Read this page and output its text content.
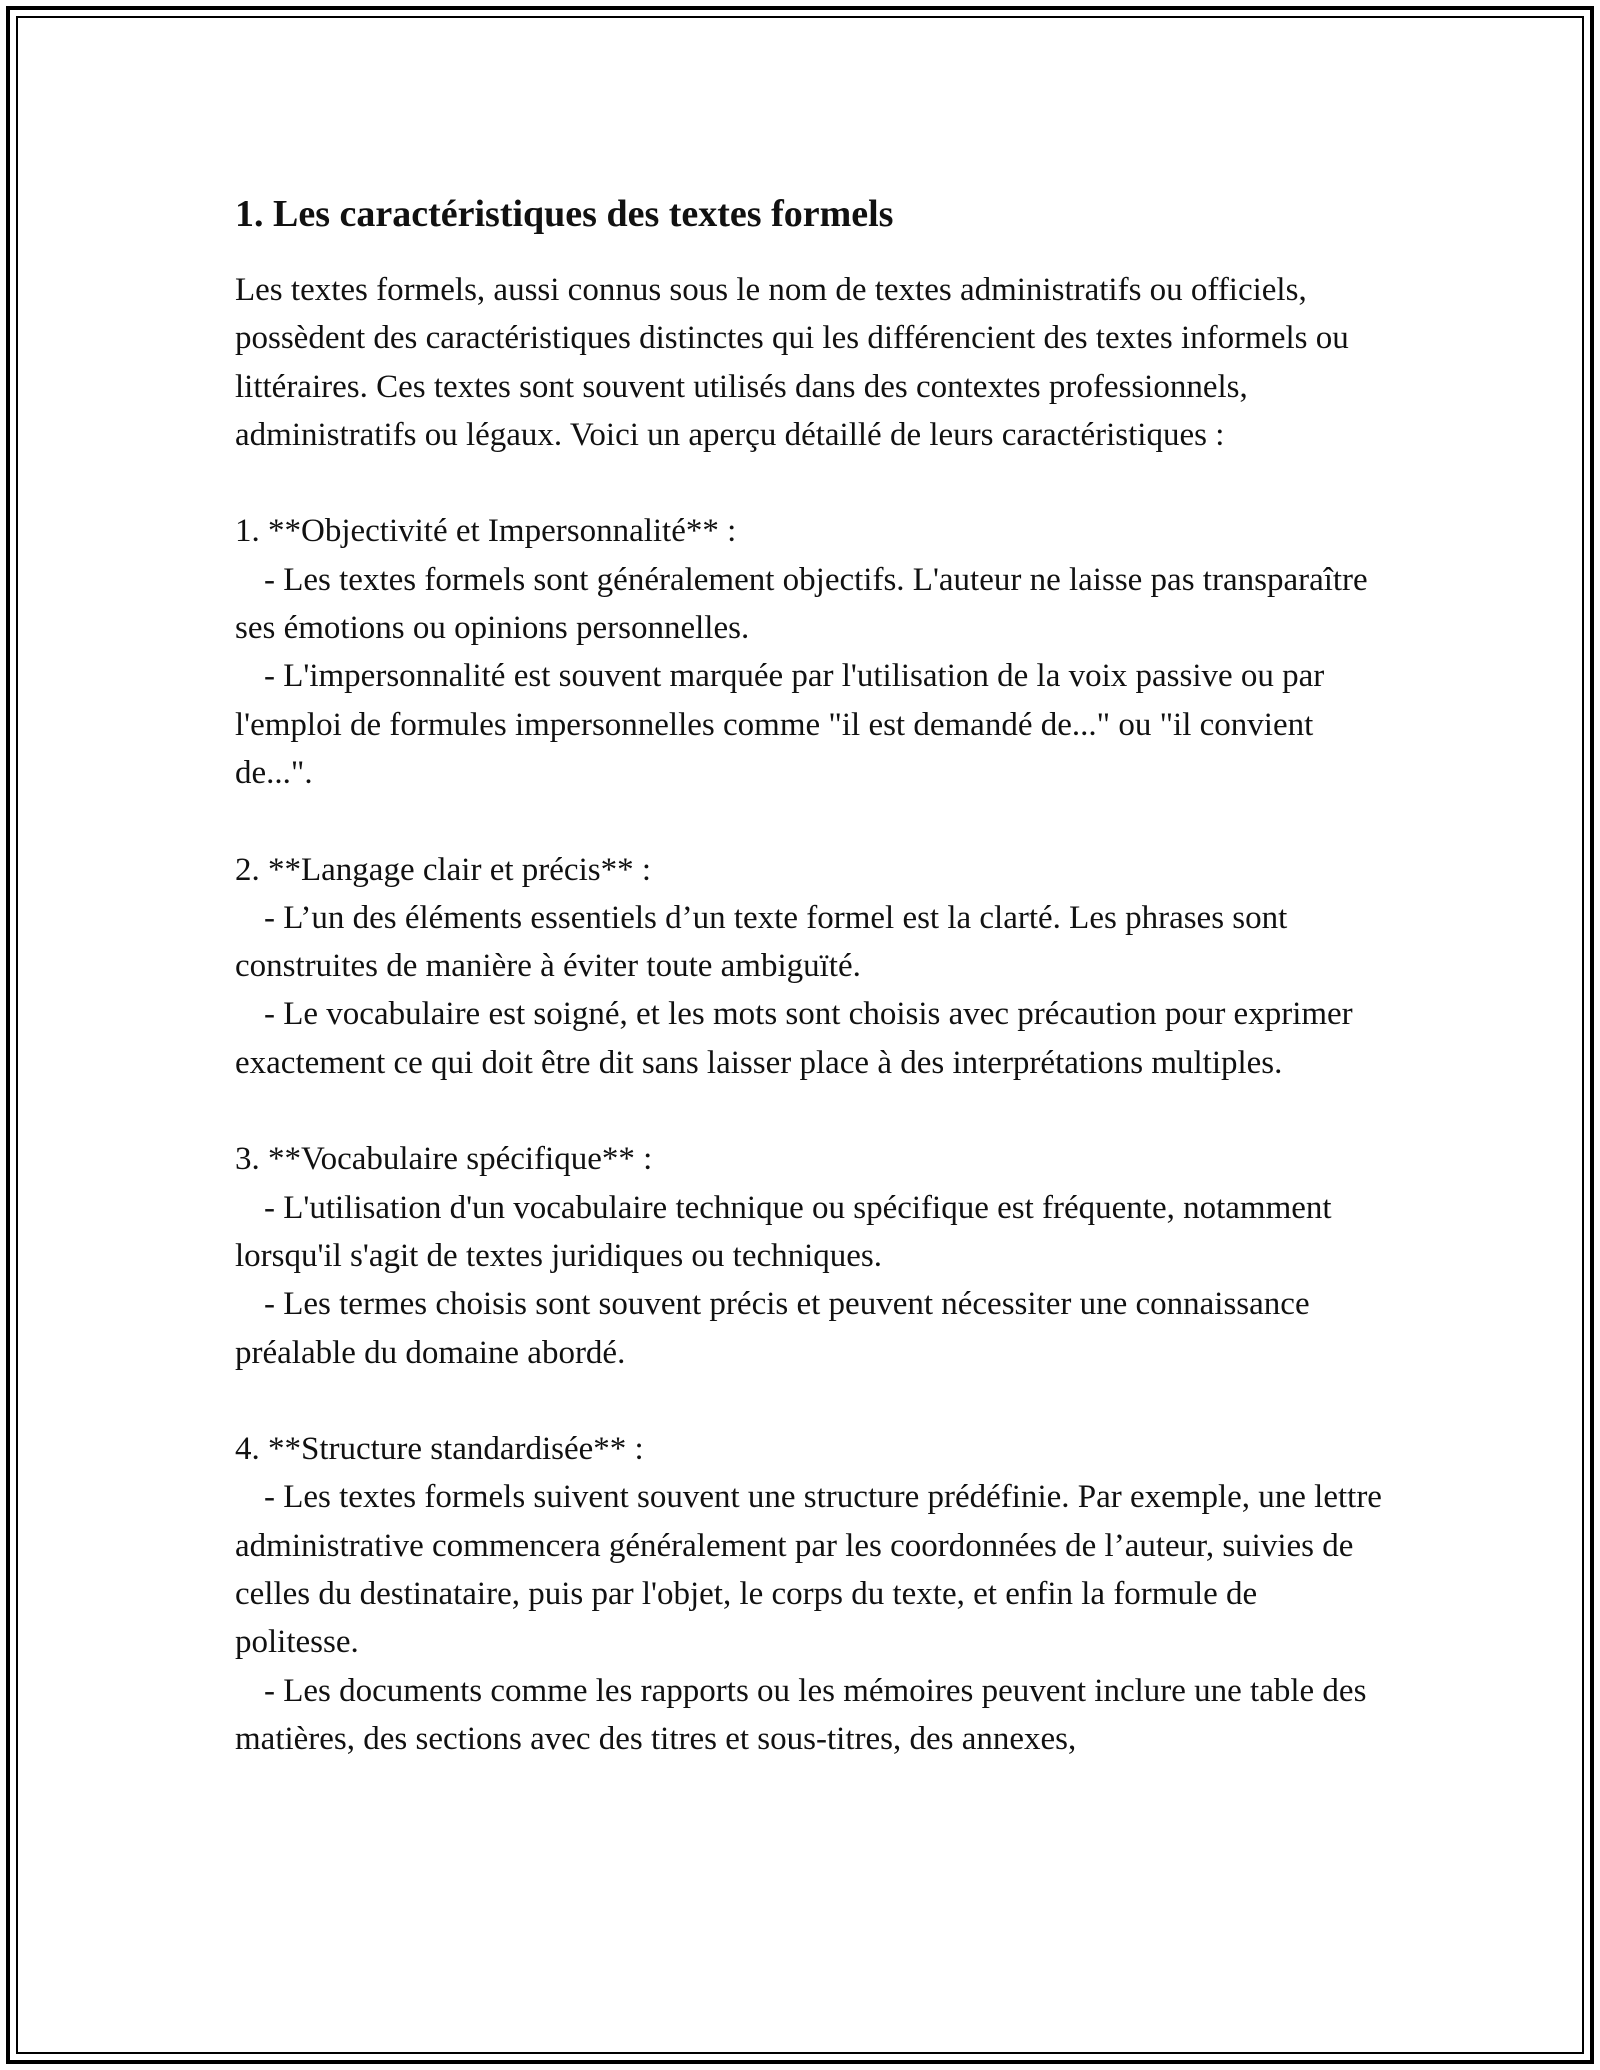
1. Les caractéristiques des textes formels

Les textes formels, aussi connus sous le nom de textes administratifs ou officiels, possèdent des caractéristiques distinctes qui les différencient des textes informels ou littéraires. Ces textes sont souvent utilisés dans des contextes professionnels, administratifs ou légaux. Voici un aperçu détaillé de leurs caractéristiques :

1. **Objectivité et Impersonnalité** :

- Les textes formels sont généralement objectifs. L'auteur ne laisse pas transparaître ses émotions ou opinions personnelles.

- L'impersonnalité est souvent marquée par l'utilisation de la voix passive ou par l'emploi de formules impersonnelles comme "il est demandé de..." ou "il convient de...".

2. **Langage clair et précis** :

- L’un des éléments essentiels d’un texte formel est la clarté. Les phrases sont construites de manière à éviter toute ambiguïté.

- Le vocabulaire est soigné, et les mots sont choisis avec précaution pour exprimer exactement ce qui doit être dit sans laisser place à des interprétations multiples.

3. **Vocabulaire spécifique** :

- L'utilisation d'un vocabulaire technique ou spécifique est fréquente, notamment lorsqu'il s'agit de textes juridiques ou techniques.

- Les termes choisis sont souvent précis et peuvent nécessiter une connaissance préalable du domaine abordé.

4. **Structure standardisée** :

- Les textes formels suivent souvent une structure prédéfinie. Par exemple, une lettre administrative commencera généralement par les coordonnées de l’auteur, suivies de celles du destinataire, puis par l'objet, le corps du texte, et enfin la formule de politesse.

- Les documents comme les rapports ou les mémoires peuvent inclure une table des matières, des sections avec des titres et sous-titres, des annexes,
